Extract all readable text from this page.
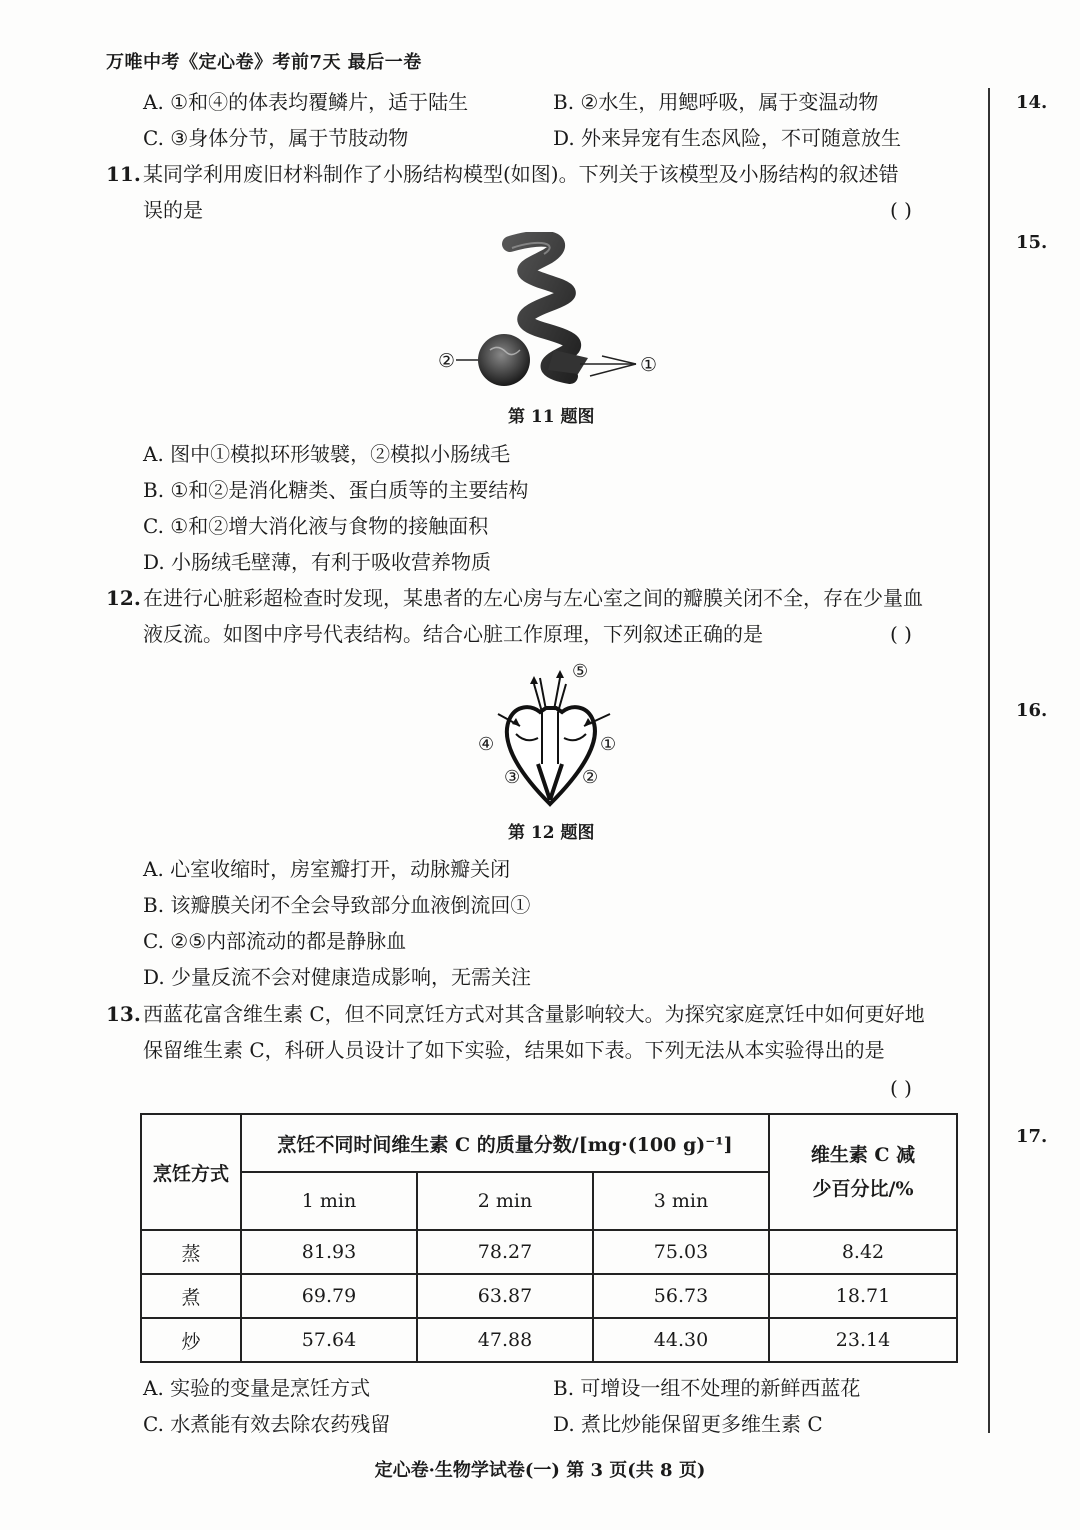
万唯中考《定心卷》考前7天 最后一卷
A. ①和④的体表均覆鳞片，适于陆生	B. ②水生，用鳃呼吸，属于变温动物
C. ③身体分节，属于节肢动物	D. 外来异宠有生态风险，不可随意放生
11. 某同学利用废旧材料制作了小肠结构模型(如图)。下列关于该模型及小肠结构的叙述错
误的是	( )
②	①
第 11 题图
A. 图中①模拟环形皱襞，②模拟小肠绒毛
B. ①和②是消化糖类、蛋白质等的主要结构
C. ①和②增大消化液与食物的接触面积
D. 小肠绒毛壁薄，有利于吸收营养物质
12. 在进行心脏彩超检查时发现，某患者的左心房与左心室之间的瓣膜关闭不全，存在少量血
液反流。如图中序号代表结构。结合心脏工作原理，下列叙述正确的是	( )
⑤
④	①
③	②
第 12 题图
A. 心室收缩时，房室瓣打开，动脉瓣关闭
B. 该瓣膜关闭不全会导致部分血液倒流回①
C. ②⑤内部流动的都是静脉血
D. 少量反流不会对健康造成影响，无需关注
13. 西蓝花富含维生素 C，但不同烹饪方式对其含量影响较大。为探究家庭烹饪中如何更好地
保留维生素 C，科研人员设计了如下实验，结果如下表。下列无法从本实验得出的是
( )
烹饪方式	烹饪不同时间维生素 C 的质量分数/[mg·(100 g)⁻¹]			维生素 C 减
少百分比/%

	1 min	2 min	3 min	
蒸	81.93	78.27	75.03	8.42
煮	69.79	63.87	56.73	18.71
炒	57.64	47.88	44.30	23.14
A. 实验的变量是烹饪方式	B. 可增设一组不处理的新鲜西蓝花
C. 水煮能有效去除农药残留	D. 煮比炒能保留更多维生素 C
14.
15.
16.
17.
定心卷·生物学试卷(一) 第 3 页(共 8 页)
